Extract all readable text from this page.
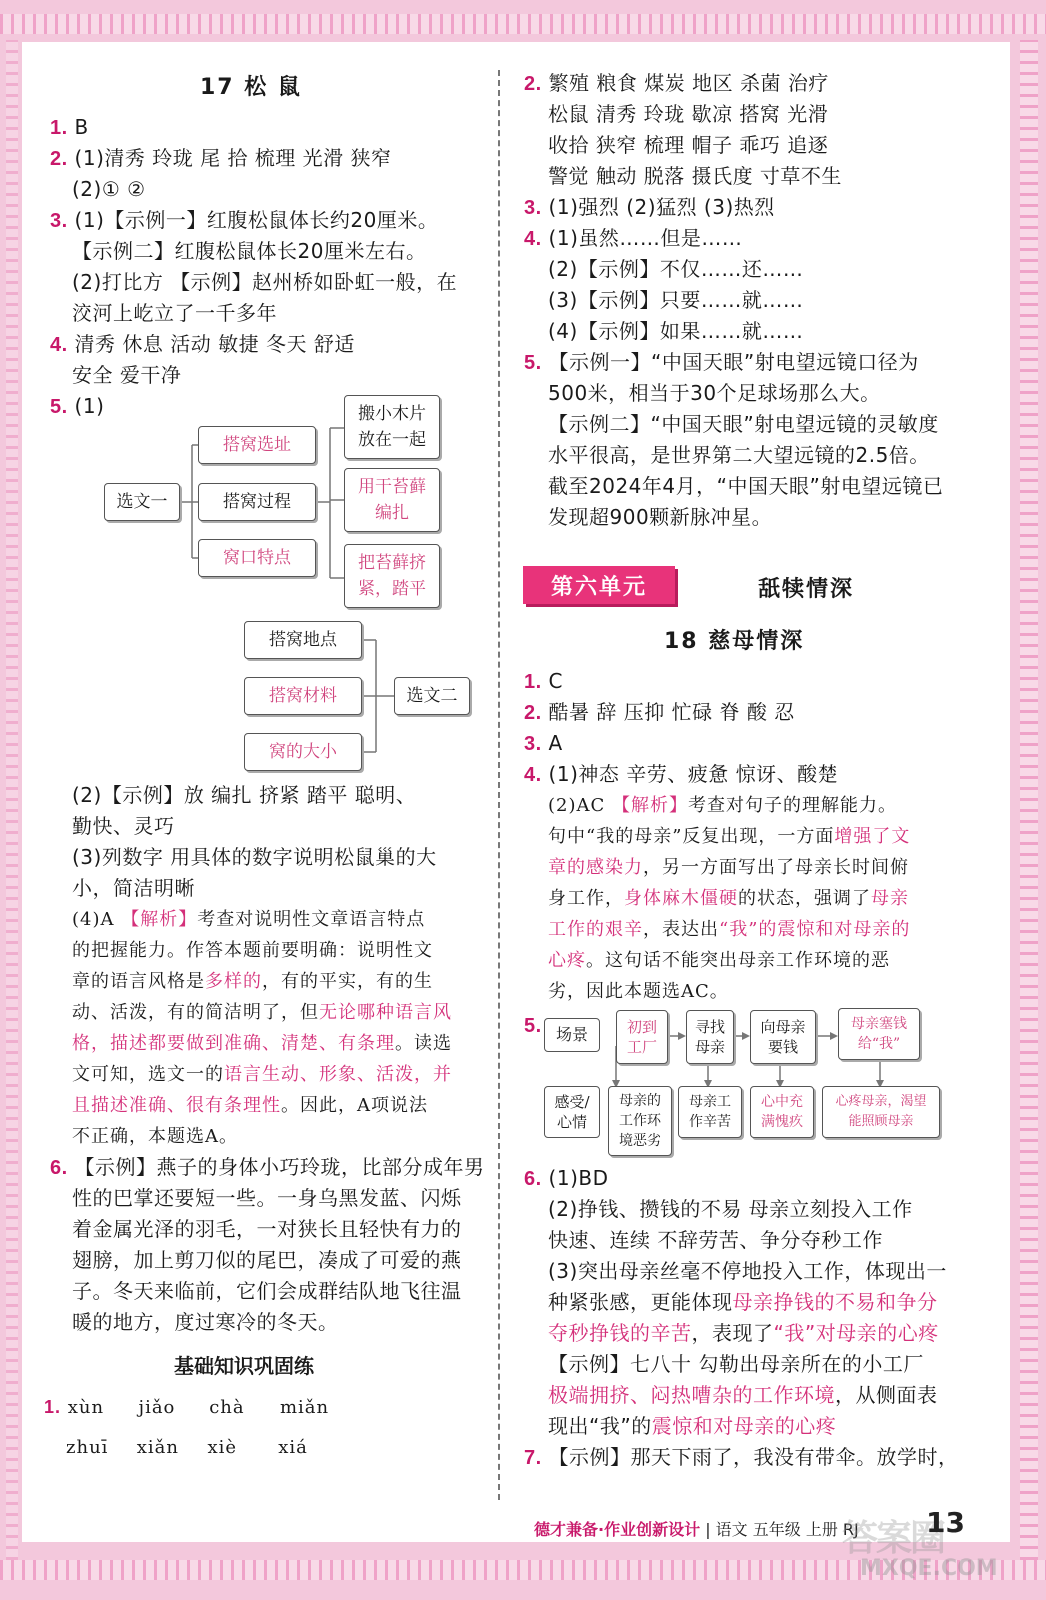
17 松 鼠
1. B
2. (1)清秀 玲珑 尾 拾 梳理 光滑 狭窄
(2)① ②
3. (1)【示例一】红腹松鼠体长约20厘米。
【示例二】红腹松鼠体长20厘米左右。
(2)打比方 【示例】赵州桥如卧虹一般，在
洨河上屹立了一千多年
4. 清秀 休息 活动 敏捷 冬天 舒适
安全 爱干净
5. (1)
选文一
搭窝选址
搭窝过程
窝口特点
搬小木片
放在一起
用干苔藓
编扎
把苔藓挤
紧，踏平
搭窝地点
搭窝材料
窝的大小
选文二
(2)【示例】放 编扎 挤紧 踏平 聪明、
勤快、灵巧
(3)列数字 用具体的数字说明松鼠巢的大
小，简洁明晰
(4)A 【解析】考查对说明性文章语言特点
的把握能力。作答本题前要明确：说明性文
章的语言风格是多样的，有的平实，有的生
动、活泼，有的简洁明了，但无论哪种语言风
格，描述都要做到准确、清楚、有条理。读选
文可知，选文一的语言生动、形象、活泼，并
且描述准确、很有条理性。因此，A项说法
不正确，本题选A。
6. 【示例】燕子的身体小巧玲珑，比部分成年男
性的巴掌还要短一些。一身乌黑发蓝、闪烁
着金属光泽的羽毛，一对狭长且轻快有力的
翅膀，加上剪刀似的尾巴，凑成了可爱的燕
子。冬天来临前，它们会成群结队地飞往温
暖的地方，度过寒冷的冬天。
基础知识巩固练
1. xùn jiǎo chà miǎn
zhuī xiǎn xiè xiá
2. 繁殖 粮食 煤炭 地区 杀菌 治疗
松鼠 清秀 玲珑 歇凉 搭窝 光滑
收拾 狭窄 梳理 帽子 乖巧 追逐
警觉 触动 脱落 摄氏度 寸草不生
3. (1)强烈 (2)猛烈 (3)热烈
4. (1)虽然……但是……
(2)【示例】不仅……还……
(3)【示例】只要……就……
(4)【示例】如果……就……
5. 【示例一】“中国天眼”射电望远镜口径为
500米，相当于30个足球场那么大。
【示例二】“中国天眼”射电望远镜的灵敏度
水平很高，是世界第二大望远镜的2.5倍。
截至2024年4月，“中国天眼”射电望远镜已
发现超900颗新脉冲星。
第六单元	舐犊情深
18 慈母情深
1. C
2. 酷暑 辞 压抑 忙碌 脊 酸 忍
3. A
4. (1)神态 辛劳、疲惫 惊讶、酸楚
(2)AC 【解析】考查对句子的理解能力。
句中“我的母亲”反复出现，一方面增强了文
章的感染力，另一方面写出了母亲长时间俯
身工作，身体麻木僵硬的状态，强调了母亲
工作的艰辛，表达出“我”的震惊和对母亲的
心疼。这句话不能突出母亲工作环境的恶
劣，因此本题选AC。
5. 场景	初到
工厂
寻找
母亲
向母亲
要钱
母亲塞钱
给“我”
感受/
心情
母亲的
工作环
境恶劣
母亲工
作辛苦
心中充
满愧疚
心疼母亲，渴望
能照顾母亲
6. (1)BD
(2)挣钱、攒钱的不易 母亲立刻投入工作
快速、连续 不辞劳苦、争分夺秒工作
(3)突出母亲丝毫不停地投入工作，体现出一
种紧张感，更能体现母亲挣钱的不易和争分
夺秒挣钱的辛苦，表现了“我”对母亲的心疼
【示例】七八十 勾勒出母亲所在的小工厂
极端拥挤、闷热嘈杂的工作环境，从侧面表
现出“我”的震惊和对母亲的心疼
7. 【示例】那天下雨了，我没有带伞。放学时，
德才兼备·作业创新设计 | 语文 五年级 上册 RJ
答案圈
13
MXQE.COM
